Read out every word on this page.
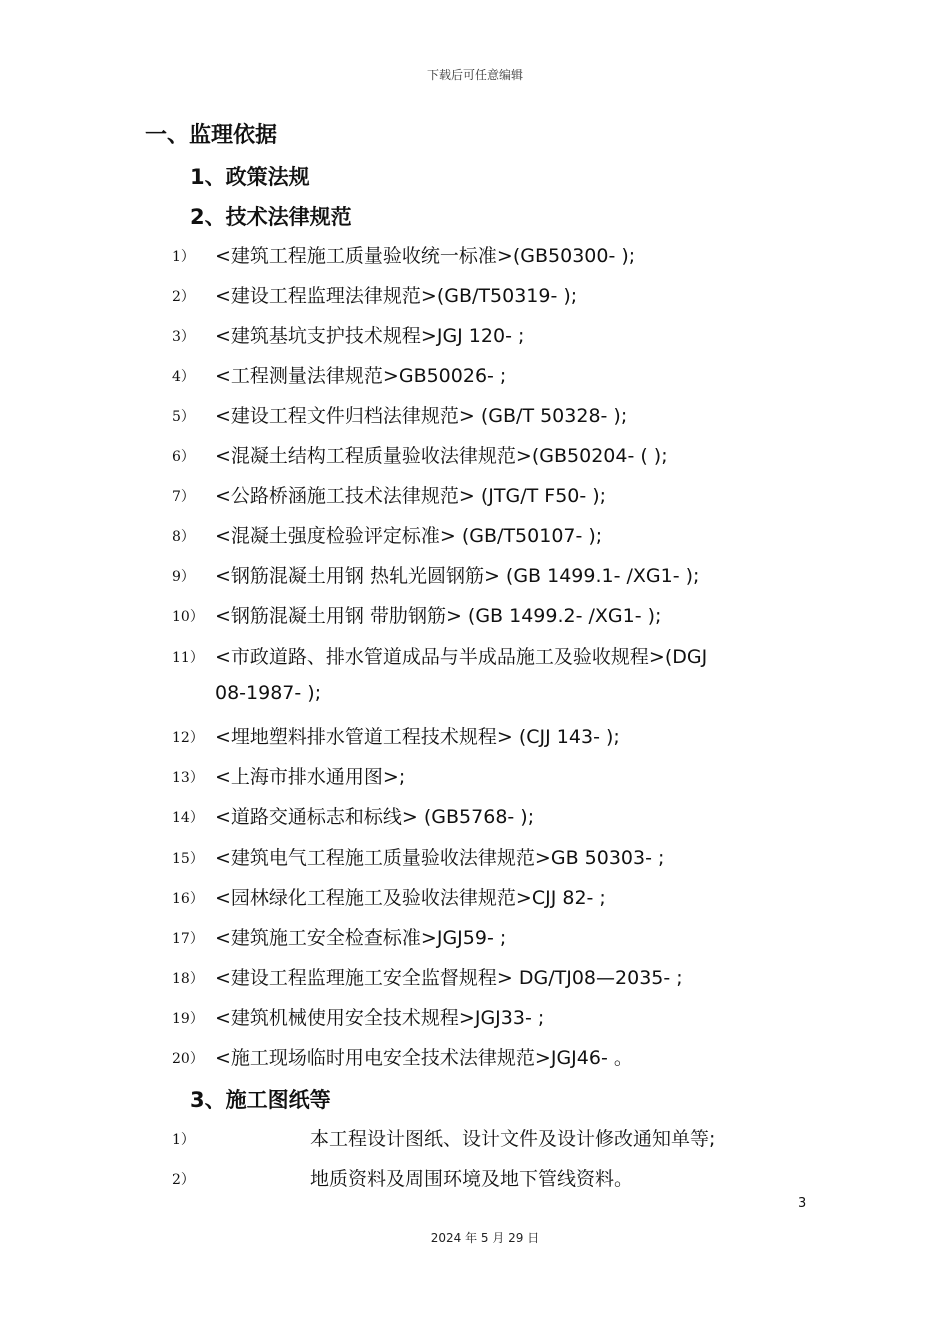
下载后可任意编辑
一、监理依据
1、政策法规
2、技术法律规范
1） <建筑工程施工质量验收统一标准>(GB50300- );
2） <建设工程监理法律规范>(GB/T50319- );
3） <建筑基坑支护技术规程>JGJ 120- ;
4） <工程测量法律规范>GB50026- ;
5） <建设工程文件归档法律规范> (GB/T 50328- );
6） <混凝土结构工程质量验收法律规范>(GB50204- ( );
7） <公路桥涵施工技术法律规范> (JTG/T F50- );
8） <混凝土强度检验评定标准> (GB/T50107- );
9） <钢筋混凝土用钢 热轧光圆钢筋> (GB 1499.1- /XG1- );
10） <钢筋混凝土用钢 带肋钢筋> (GB 1499.2- /XG1- );
11） <市政道路、排水管道成品与半成品施工及验收规程>(DGJ
08-1987- );
12） <埋地塑料排水管道工程技术规程> (CJJ 143- );
13） <上海市排水通用图>;
14） <道路交通标志和标线> (GB5768- );
15） <建筑电气工程施工质量验收法律规范>GB 50303- ;
16） <园林绿化工程施工及验收法律规范>CJJ 82- ;
17） <建筑施工安全检查标准>JGJ59- ;
18） <建设工程监理施工安全监督规程> DG/TJ08—2035- ;
19） <建筑机械使用安全技术规程>JGJ33- ;
20） <施工现场临时用电安全技术法律规范>JGJ46- 。
3、施工图纸等
1）	本工程设计图纸、设计文件及设计修改通知单等;
2）	地质资料及周围环境及地下管线资料。
3
2024 年 5 月 29 日
